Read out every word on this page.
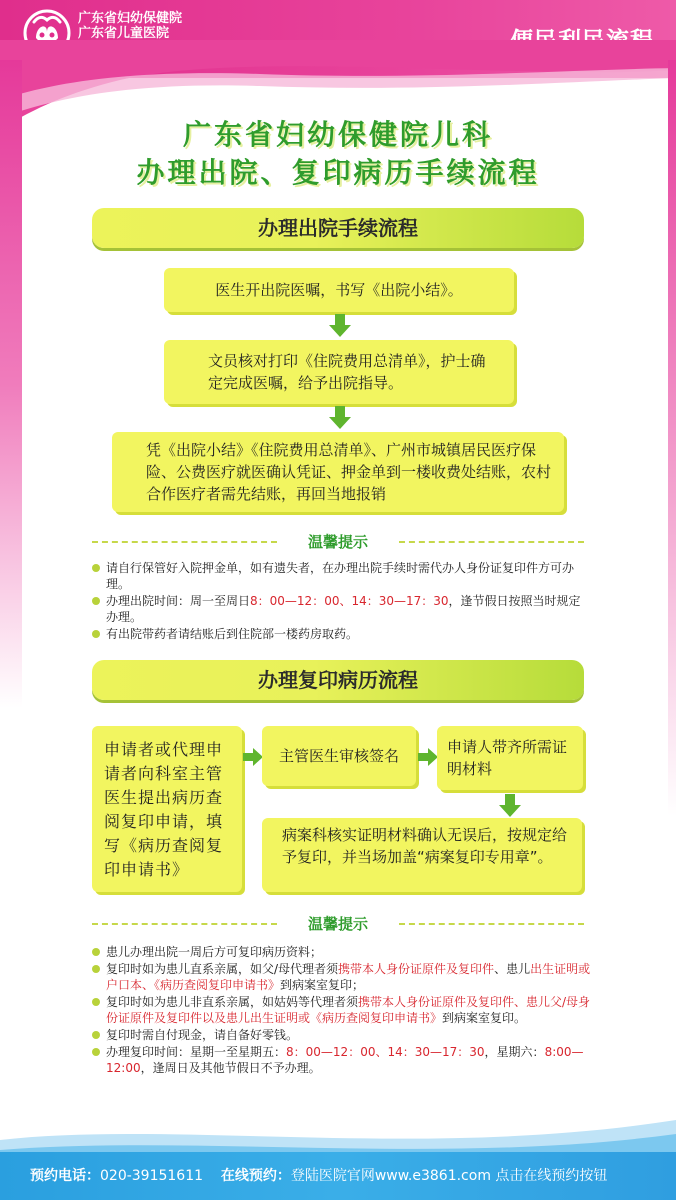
广东省妇幼保健院
广东省儿童医院
广东省妇幼保健院儿科
办理出院、复印病历手续流程
办理出院手续流程
医生开出院医嘱，书写《出院小结》。
文员核对打印《住院费用总清单》，护士确定完成医嘱，给予出院指导。
凭《出院小结》《住院费用总清单》、广州市城镇居民医疗保险、公费医疗就医确认凭证、押金单到一楼收费处结账，农村合作医疗者需先结账，再回当地报销
温馨提示
请自行保管好入院押金单，如有遗失者，在办理出院手续时需代办人身份证复印件方可办理。
办理出院时间：周一至周日8：00—12：00、14：30—17：30，逢节假日按照当时规定办理。
有出院带药者请结账后到住院部一楼药房取药。
办理复印病历流程
申请者或代理申请者向科室主管医生提出病历查阅复印申请，填写《病历查阅复印申请书》
主管医生审核签名	申请人带齐所需证明材料
病案科核实证明材料确认无误后，按规定给予复印，并当场加盖“病案复印专用章”。
温馨提示
患儿办理出院一周后方可复印病历资料；
复印时如为患儿直系亲属，如父/母代理者须携带本人身份证原件及复印件、患儿出生证明或户口本、《病历查阅复印申请书》到病案室复印；
复印时如为患儿非直系亲属，如姑妈等代理者须携带本人身份证原件及复印件、患儿父/母身份证原件及复印件以及患儿出生证明或《病历查阅复印申请书》到病案室复印。
复印时需自付现金，请自备好零钱。
办理复印时间：星期一至星期五：8：00—12：00、14：30—17：30，星期六：8:00—12:00，逢周日及其他节假日不予办理。
预约电话：020-39151611 在线预约：登陆医院官网www.e3861.com 点击在线预约按钮
